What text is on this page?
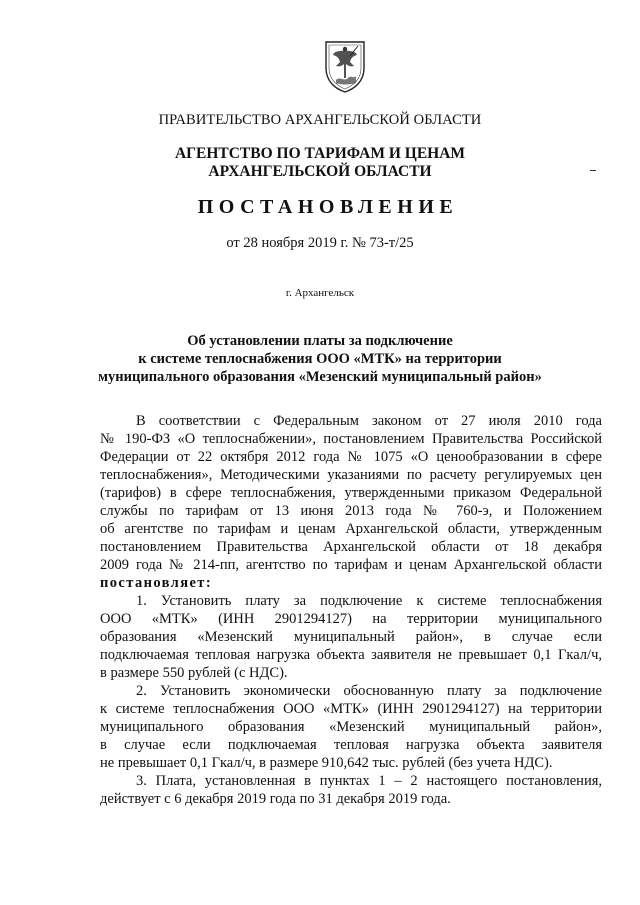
ПРАВИТЕЛЬСТВО АРХАНГЕЛЬСКОЙ ОБЛАСТИ
АГЕНТСТВО ПО ТАРИФАМ И ЦЕНАМ
АРХАНГЕЛЬСКОЙ ОБЛАСТИ
ПОСТАНОВЛЕНИЕ
от 28 ноября 2019 г. № 73-т/25
г. Архангельск
Об установлении платы за подключение
к системе теплоснабжения ООО «МТК» на территории
муниципального образования «Мезенский муниципальный район»
В соответствии с Федеральным законом от 27 июля 2010 года
№ 190-ФЗ «О теплоснабжении», постановлением Правительства Российской
Федерации от 22 октября 2012 года № 1075 «О ценообразовании в сфере
теплоснабжения», Методическими указаниями по расчету регулируемых цен
(тарифов) в сфере теплоснабжения, утвержденными приказом Федеральной
службы по тарифам от 13 июня 2013 года № 760-э, и Положением
об агентстве по тарифам и ценам Архангельской области, утвержденным
постановлением Правительства Архангельской области от 18 декабря
2009 года № 214-пп, агентство по тарифам и ценам Архангельской области
постановляет:
1. Установить плату за подключение к системе теплоснабжения
ООО «МТК» (ИНН 2901294127) на территории муниципального
образования «Мезенский муниципальный район», в случае если
подключаемая тепловая нагрузка объекта заявителя не превышает 0,1 Гкал/ч,
в размере 550 рублей (с НДС).
2. Установить экономически обоснованную плату за подключение
к системе теплоснабжения ООО «МТК» (ИНН 2901294127) на территории
муниципального образования «Мезенский муниципальный район»,
в случае если подключаемая тепловая нагрузка объекта заявителя
не превышает 0,1 Гкал/ч, в размере 910,642 тыс. рублей (без учета НДС).
3. Плата, установленная в пунктах 1 – 2 настоящего постановления,
действует с 6 декабря 2019 года по 31 декабря 2019 года.
